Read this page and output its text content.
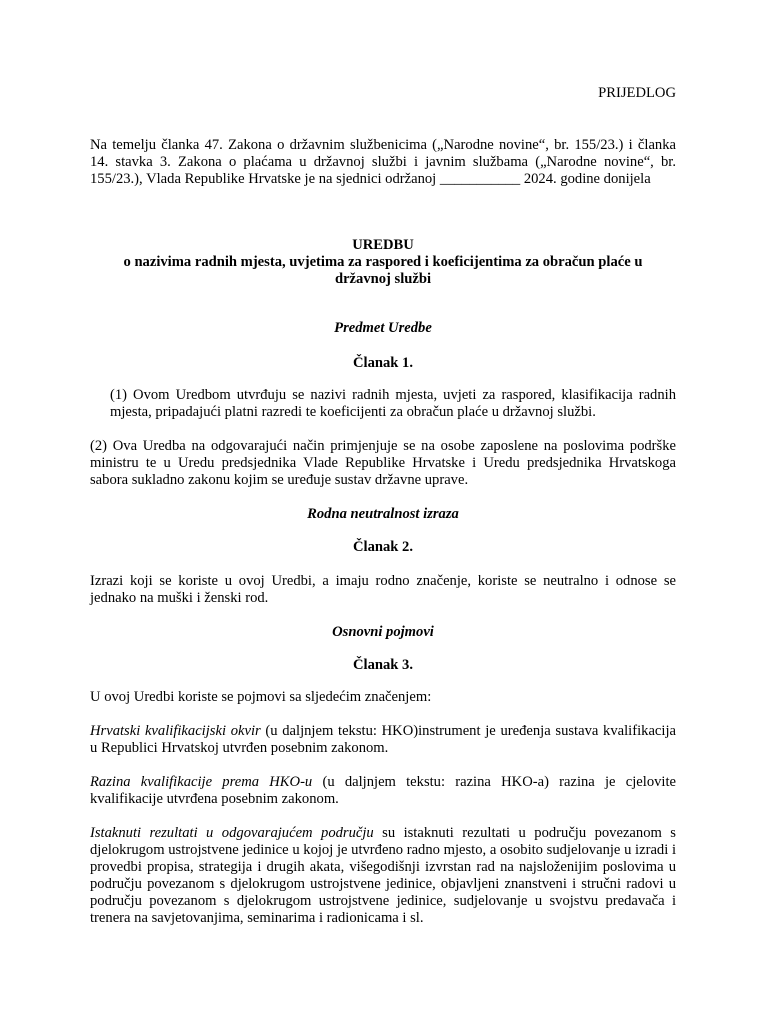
PRIJEDLOG

Na temelju članka 47. Zakona o državnim službenicima („Narodne novine“, br. 155/23.) i članka 14. stavka 3. Zakona o plaćama u državnoj službi i javnim službama („Narodne novine“, br. 155/23.), Vlada Republike Hrvatske je na sjednici održanoj ___________ 2024. godine donijela

UREDBU

o nazivima radnih mjesta, uvjetima za raspored i koeficijentima za obračun plaće u državnoj službi

Predmet Uredbe

Članak 1.

(1) Ovom Uredbom utvrđuju se nazivi radnih mjesta, uvjeti za raspored, klasifikacija radnih mjesta, pripadajući platni razredi te koeficijenti za obračun plaće u državnoj službi.

(2) Ova Uredba na odgovarajući način primjenjuje se na osobe zaposlene na poslovima podrške ministru te u Uredu predsjednika Vlade Republike Hrvatske i Uredu predsjednika Hrvatskoga sabora sukladno zakonu kojim se uređuje sustav državne uprave.

Rodna neutralnost izraza

Članak 2.

Izrazi koji se koriste u ovoj Uredbi, a imaju rodno značenje, koriste se neutralno i odnose se jednako na muški i ženski rod.

Osnovni pojmovi

Članak 3.

U ovoj Uredbi koriste se pojmovi sa sljedećim značenjem:

Hrvatski kvalifikacijski okvir (u daljnjem tekstu: HKO)instrument je uređenja sustava kvalifikacija u Republici Hrvatskoj utvrđen posebnim zakonom.

Razina kvalifikacije prema HKO-u (u daljnjem tekstu: razina HKO-a) razina je cjelovite kvalifikacije utvrđena posebnim zakonom.

Istaknuti rezultati u odgovarajućem području su istaknuti rezultati u području povezanom s djelokrugom ustrojstvene jedinice u kojoj je utvrđeno radno mjesto, a osobito sudjelovanje u izradi i provedbi propisa, strategija i drugih akata, višegodišnji izvrstan rad na najsloženijim poslovima u području povezanom s djelokrugom ustrojstvene jedinice, objavljeni znanstveni i stručni radovi u području povezanom s djelokrugom ustrojstvene jedinice, sudjelovanje u svojstvu predavača i trenera na savjetovanjima, seminarima i radionicama i sl.
